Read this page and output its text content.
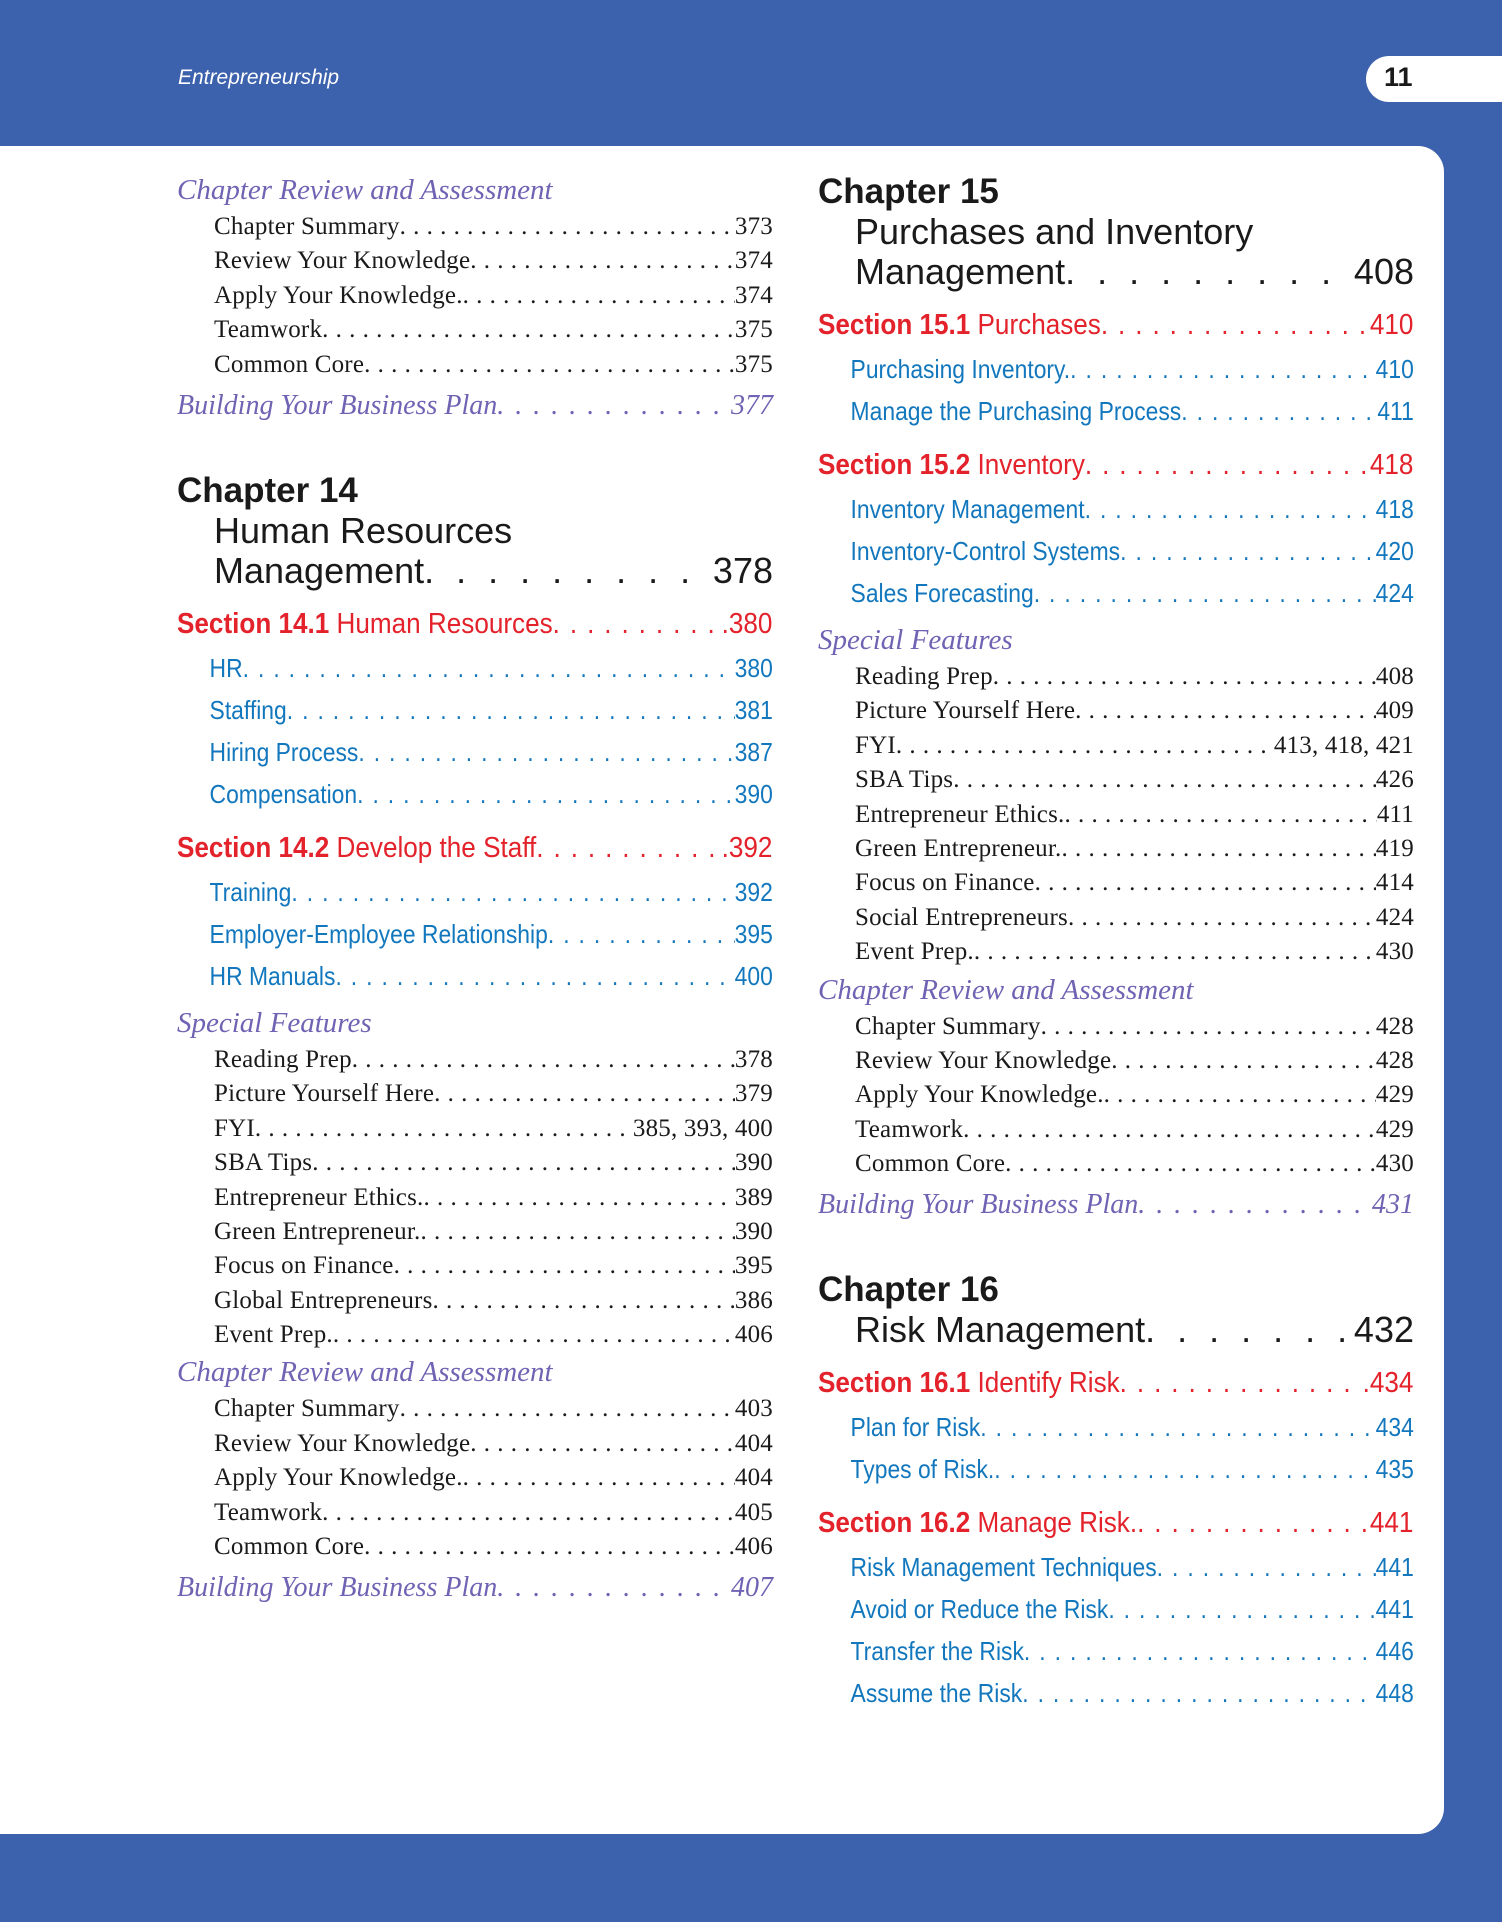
Entrepreneurship	11
Chapter Review and Assessment
Chapter Summary . . .	373
Review Your Knowledge . . .	374
Apply Your Knowledge. . . .	374
Teamwork . . .	375
Common Core . . .	375
Building Your Business Plan . . .	377
Chapter 14
Human Resources
Management . . .	378
Section 14.1 Human Resources . . .	.380
HR . . .	380
Staffing . . .	381
Hiring Process . . .	387
Compensation . . .	390
Section 14.2 Develop the Staff . . .	.392
Training . . .	392
Employer-Employee Relationship . . .	395
HR Manuals . . .	400
Special Features
Reading Prep . . .	378
Picture Yourself Here . . .	379
FYI . . .	385, 393, 400
SBA Tips . . .	390
Entrepreneur Ethics. . . .	389
Green Entrepreneur. . . .	390
Focus on Finance . . .	395
Global Entrepreneurs . . .	386
Event Prep. . . .	406
Chapter Review and Assessment
Chapter Summary . . .	403
Review Your Knowledge . . .	404
Apply Your Knowledge. . . .	404
Teamwork . . .	405
Common Core . . .	406
Building Your Business Plan . . .	407
Chapter 15
Purchases and Inventory
Management . . .	408
Section 15.1 Purchases . . .	410
Purchasing Inventory. . . .	410
Manage the Purchasing Process . . .	411
Section 15.2 Inventory . . .	418
Inventory Management . . .	418
Inventory-Control Systems . . .	420
Sales Forecasting . . .	424
Special Features
Reading Prep . . .	408
Picture Yourself Here . . .	409
FYI . . .	413, 418, 421
SBA Tips . . .	426
Entrepreneur Ethics. . . .	411
Green Entrepreneur. . . .	419
Focus on Finance . . .	414
Social Entrepreneurs . . .	424
Event Prep. . . .	430
Chapter Review and Assessment
Chapter Summary . . .	428
Review Your Knowledge . . .	428
Apply Your Knowledge. . . .	429
Teamwork . . .	429
Common Core . . .	430
Building Your Business Plan . . .	431
Chapter 16
Risk Management . . .	432
Section 16.1 Identify Risk . . .	.434
Plan for Risk . . .	434
Types of Risk. . . .	435
Section 16.2 Manage Risk. . . .	441
Risk Management Techniques . . .	441
Avoid or Reduce the Risk . . .	441
Transfer the Risk . . .	446
Assume the Risk . . .	448
